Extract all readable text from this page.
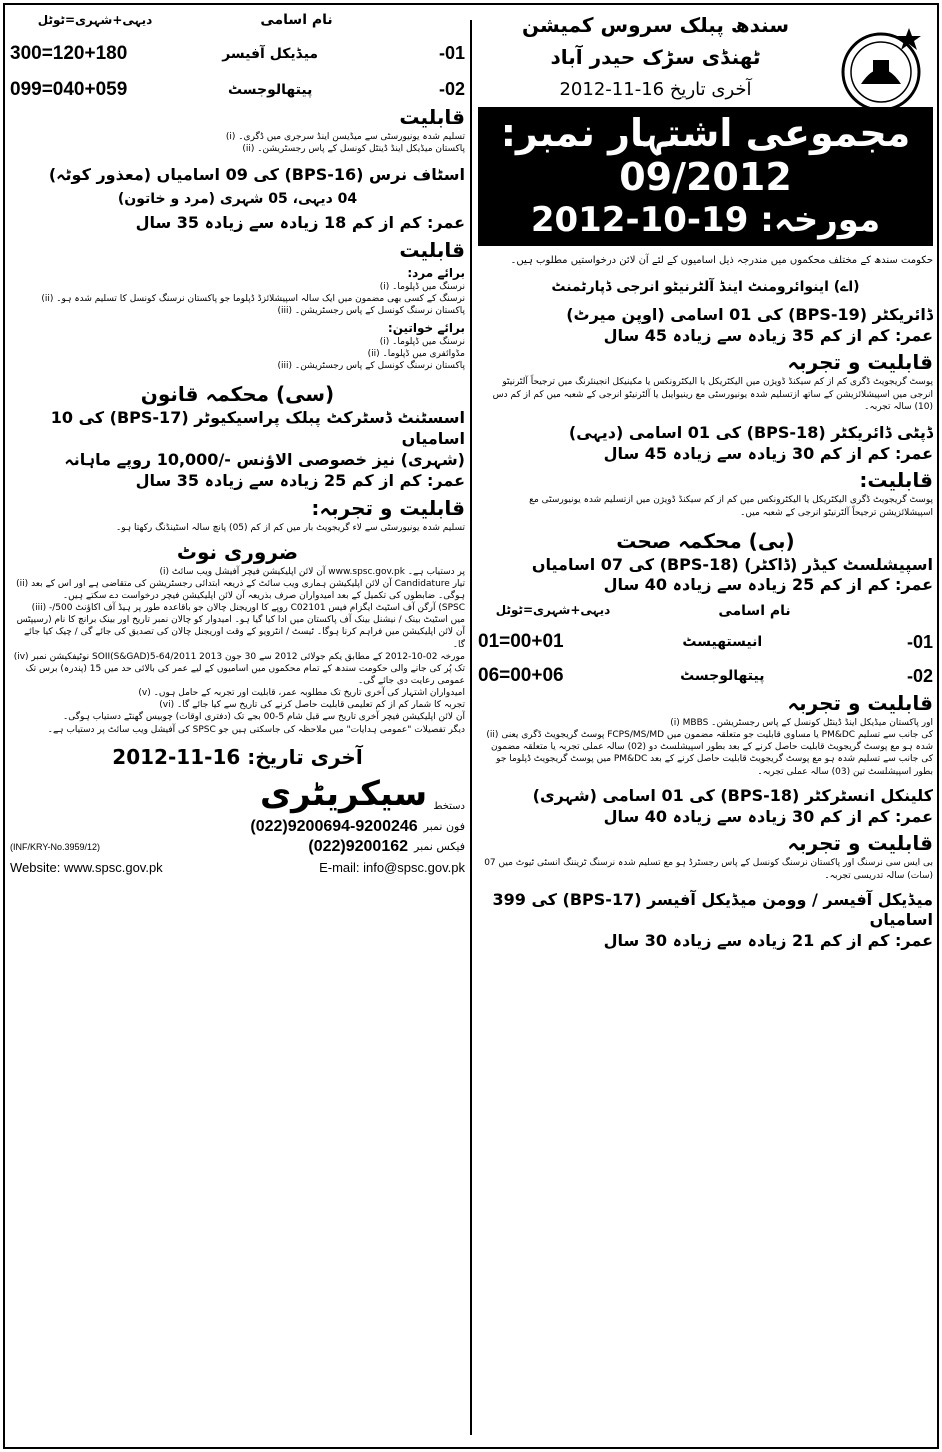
سندھ پبلک سروس کمیشن
ٹھنڈی سڑک حیدر آباد
آخری تاریخ 16-11-2012
مجموعی اشتہار نمبر: 09/2012
مورخہ: 19-10-2012
حکومت سندھ کے مختلف محکموں میں مندرجہ ذیل اسامیوں کے لئے آن لائن درخواستیں مطلوب ہیں۔
(اے) اینوائرومنٹ اینڈ آلٹرنیٹو انرجی ڈپارٹمنٹ
ڈائریکٹر (BPS-19) کی 01 اسامی (اوپن میرٹ)
عمر: کم از کم 35 زیادہ سے زیادہ 45 سال
قابلیت و تجربہ
پوسٹ گریجویٹ ڈگری کم از کم سیکنڈ ڈویژن میں الیکٹریکل یا الیکٹرونکس یا مکینیکل انجینئرنگ میں ترجیحاً آلٹرنیٹو انرجی میں اسپیشلائزیشن کے ساتھ ازتسلیم شدہ یونیورسٹی مع رینیوایبل یا آلٹرنیٹو انرجی کے شعبہ میں کم از کم دس (10) سالہ تجربہ۔
ڈپٹی ڈائریکٹر (BPS-18) کی 01 اسامی (دیہی)
عمر: کم از کم 30 زیادہ سے زیادہ 45 سال
قابلیت:
پوسٹ گریجویٹ ڈگری الیکٹریکل یا الیکٹرونکس میں کم از کم سیکنڈ ڈویژن میں ازتسلیم شدہ یونیورسٹی مع اسپیشلائزیشن ترجیحاً آلٹرنیٹو انرجی کے شعبہ میں۔
(بی) محکمہ صحت
اسپیشلسٹ کیڈر (ڈاکٹر) (BPS-18) کی 07 اسامیاں
عمر: کم از کم 25 زیادہ سے زیادہ 40 سال
دیہی+شہری=ٹوٹل	نام اسامی
01=00+01	انیستھیسٹ	-01
06=00+06	پیتھالوجسٹ	-02
قابلیت و تجربہ
(i) MBBS اور پاکستان میڈیکل اینڈ ڈینٹل کونسل کے پاس رجسٹریشن۔
(ii) پوسٹ گریجویٹ ڈگری یعنی FCPS/MS/MD یا مساوی قابلیت جو متعلقہ مضمون میں PM&DC کی جانب سے تسلیم شدہ ہو مع پوسٹ گریجویٹ قابلیت حاصل کرنے کے بعد بطور اسپیشلسٹ دو (02) سالہ عملی تجربہ یا متعلقہ مضمون میں پوسٹ گریجویٹ ڈپلوما جو PM&DC کی جانب سے تسلیم شدہ ہو مع پوسٹ گریجویٹ قابلیت حاصل کرنے کے بعد بطور اسپیشلسٹ تین (03) سالہ عملی تجربہ۔
کلینکل انسٹرکٹر (BPS-18) کی 01 اسامی (شہری)
عمر: کم از کم 30 زیادہ سے زیادہ 40 سال
قابلیت و تجربہ
بی ایس سی نرسنگ اور پاکستان نرسنگ کونسل کے پاس رجسٹرڈ ہو مع تسلیم شدہ نرسنگ ٹریننگ انسٹی ٹیوٹ میں 07 (سات) سالہ تدریسی تجربہ۔
میڈیکل آفیسر / وومن میڈیکل آفیسر (BPS-17) کی 399 اسامیاں
عمر: کم از کم 21 زیادہ سے زیادہ 30 سال
دیہی+شہری=ٹوٹل	نام اسامی
300=120+180	میڈیکل آفیسر	-01
099=040+059	پیتھالوجسٹ	-02
قابلیت
(i) تسلیم شدہ یونیورسٹی سے میڈیسن اینڈ سرجری میں ڈگری۔
(ii) پاکستان میڈیکل اینڈ ڈینٹل کونسل کے پاس رجسٹریشن۔
اسٹاف نرس (BPS-16) کی 09 اسامیاں (معذور کوٹہ)
04 دیہی، 05 شہری (مرد و خاتون)
عمر: کم از کم 18 زیادہ سے زیادہ 35 سال
قابلیت
برائے مرد:
(i) نرسنگ میں ڈپلوما۔
(ii) نرسنگ کے کسی بھی مضمون میں ایک سالہ اسپیشلائزڈ ڈپلوما جو پاکستان نرسنگ کونسل کا تسلیم شدہ ہو۔
(iii) پاکستان نرسنگ کونسل کے پاس رجسٹریشن۔
برائے خواتین:
(i) نرسنگ میں ڈپلوما۔
(ii) مڈوائفری میں ڈپلوما۔
(iii) پاکستان نرسنگ کونسل کے پاس رجسٹریشن۔
(سی) محکمہ قانون
اسسٹنٹ ڈسٹرکٹ پبلک پراسیکیوٹر (BPS-17) کی 10 اسامیاں
(شہری) نیز خصوصی الاؤنس -/10,000 روپے ماہانہ
عمر: کم از کم 25 زیادہ سے زیادہ 35 سال
قابلیت و تجربہ:
تسلیم شدہ یونیورسٹی سے لاء گریجویٹ بار میں کم از کم (05) پانچ سالہ اسٹینڈنگ رکھتا ہو۔
ضروری نوٹ
(i) آن لائن اپلیکیشن فیچر آفیشل ویب سائٹ www.spsc.gov.pk پر دستیاب ہے۔
(ii) آن لائن اپلیکیشن ہماری ویب سائٹ کے ذریعہ ابتدائی رجسٹریشن کی متقاضی ہے اور اس کے بعد Candidature تیار ہوگی۔ ضابطوں کی تکمیل کے بعد امیدواران صرف بذریعہ آن لائن اپلیکیشن فیچر درخواست دے سکتے ہیں۔
(iii) -/500 روپے کا اوریجنل چالان جو باقاعدہ طور پر ہیڈ آف اکاؤنٹ C02101 آرگن آف اسٹیٹ ایگزام فیس (SPSC رسیپٹس) میں اسٹیٹ بینک / نیشنل بینک آف پاکستان میں ادا کیا گیا ہو۔ امیدوار کو چالان نمبر تاریخ اور بینک برانچ کا نام آن لائن اپلیکیشن میں فراہم کرنا ہوگا۔ ٹیسٹ / انٹرویو کے وقت اوریجنل چالان کی تصدیق کی جائے گی / چیک کیا جائے گا۔
(iv) نوٹیفکیشن نمبر SOII(S&GAD)5-64/2011 مورخہ 02-10-2012 کے مطابق یکم جولائی 2012 سے 30 جون 2013 تک پُر کی جانے والی حکومت سندھ کے تمام محکموں میں اسامیوں کے لیے عمر کی بالائی حد میں 15 (پندرہ) برس تک عمومی رعایت دی جائے گی۔
(v) امیدواران اشتہار کی آخری تاریخ تک مطلوبہ عمر، قابلیت اور تجربہ کے حامل ہوں۔
(vi) تجربہ کا شمار کم از کم تعلیمی قابلیت حاصل کرنے کی تاریخ سے کیا جائے گا۔
آن لائن اپلیکیشن فیچر آخری تاریخ سے قبل شام 5-00 بجے تک (دفتری اوقات) چوبیس گھنٹے دستیاب ہوگی۔
دیگر تفصیلات "عمومی ہدایات" میں ملاحظہ کی جاسکتی ہیں جو SPSC کی آفیشل ویب سائٹ پر دستیاب ہے۔
آخری تاریخ: 16-11-2012
سیکریٹری دستخط
(022)9200694-9200246 فون نمبر
(INF/KRY-No.3959/12)	(022)9200162 فیکس نمبر
Website: www.spsc.gov.pk	E-mail: info@spsc.gov.pk
